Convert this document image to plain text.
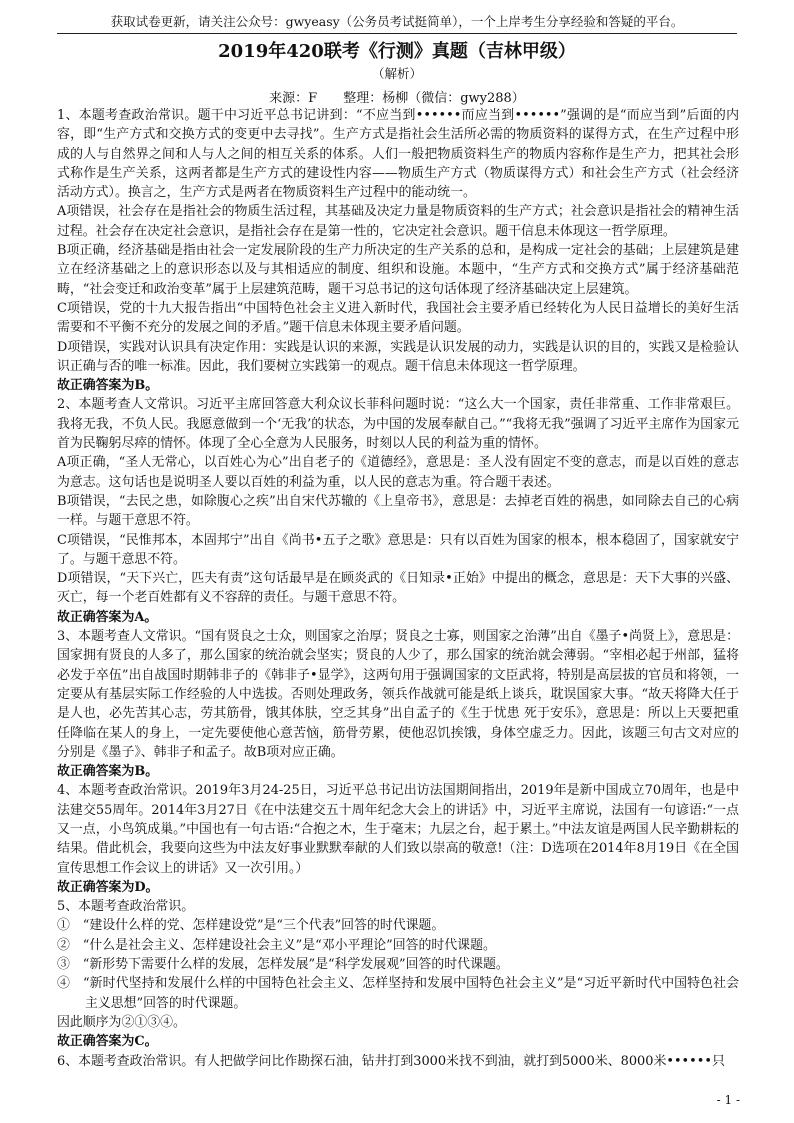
获取试卷更新，请关注公众号：gwyeasy（公务员考试挺简单），一个上岸考生分享经验和答疑的平台。
2019年420联考《行测》真题（吉林甲级）
（解析）
来源：F　　整理：杨柳（微信：gwy288）

1、本题考查政治常识。题干中习近平总书记讲到：“不应当到••••••而应当到••••••”强调的是“而应当到”后面的内容，即“生产方式和交换方式的变更中去寻找”。生产方式是指社会生活所必需的物质资料的谋得方式，在生产过程中形成的人与自然界之间和人与人之间的相互关系的体系。人们一般把物质资料生产的物质内容称作是生产力，把其社会形式称作是生产关系，这两者都是生产方式的建设性内容——物质生产方式（物质谋得方式）和社会生产方式（社会经济活动方式）。换言之，生产方式是两者在物质资料生产过程中的能动统一。

A项错误，社会存在是指社会的物质生活过程，其基础及决定力量是物质资料的生产方式；社会意识是指社会的精神生活过程。社会存在决定社会意识，是指社会存在是第一性的，它决定社会意识。题干信息未体现这一哲学原理。

B项正确，经济基础是指由社会一定发展阶段的生产力所决定的生产关系的总和，是构成一定社会的基础；上层建筑是建立在经济基础之上的意识形态以及与其相适应的制度、组织和设施。本题中，“生产方式和交换方式”属于经济基础范畴，“社会变迁和政治变革”属于上层建筑范畴，题干习总书记的这句话体现了经济基础决定上层建筑。

C项错误，党的十九大报告指出“中国特色社会主义进入新时代，我国社会主要矛盾已经转化为人民日益增长的美好生活需要和不平衡不充分的发展之间的矛盾。”题干信息未体现主要矛盾问题。

D项错误，实践对认识具有决定作用：实践是认识的来源，实践是认识发展的动力，实践是认识的目的，实践又是检验认识正确与否的唯一标准。因此，我们要树立实践第一的观点。题干信息未体现这一哲学原理。

故正确答案为B。

2、本题考查人文常识。习近平主席回答意大利众议长菲科问题时说：“这么大一个国家，责任非常重、工作非常艰巨。我将无我，不负人民。我愿意做到一个‘无我’的状态，为中国的发展奉献自己。”“我将无我”强调了习近平主席作为国家元首为民鞠躬尽瘁的情怀。体现了全心全意为人民服务，时刻以人民的利益为重的情怀。

A项正确，“圣人无常心，以百姓心为心”出自老子的《道德经》，意思是：圣人没有固定不变的意志，而是以百姓的意志为意志。这句话也是说明圣人要以百姓的利益为重，以人民的意志为重。符合题干表述。

B项错误，“去民之患，如除腹心之疾”出自宋代苏辙的《上皇帝书》，意思是：去掉老百姓的祸患，如同除去自己的心病一样。与题干意思不符。

C项错误，“民惟邦本，本固邦宁”出自《尚书•五子之歌》意思是：只有以百姓为国家的根本，根本稳固了，国家就安宁了。与题干意思不符。

D项错误，“天下兴亡，匹夫有责”这句话最早是在顾炎武的《日知录•正始》中提出的概念，意思是：天下大事的兴盛、灭亡，每一个老百姓都有义不容辞的责任。与题干意思不符。

故正确答案为A。

3、本题考查人文常识。“国有贤良之士众，则国家之治厚；贤良之士寡，则国家之治薄”出自《墨子•尚贤上》，意思是：国家拥有贤良的人多了，那么国家的统治就会坚实；贤良的人少了，那么国家的统治就会薄弱。“宰相必起于州部，猛将必发于卒伍”出自战国时期韩非子的《韩非子•显学》，这两句用于强调国家的文臣武将，特别是高层拔的官员和将领，一定要从有基层实际工作经验的人中选拔。否则处理政务，领兵作战就可能是纸上谈兵，耽误国家大事。“故天将降大任于是人也，必先苦其心志，劳其筋骨，饿其体肤，空乏其身”出自孟子的《生于忧患 死于安乐》，意思是：所以上天要把重任降临在某人的身上，一定先要使他心意苦恼，筋骨劳累，使他忍饥挨饿，身体空虚乏力。因此，该题三句古文对应的分别是《墨子》、韩非子和孟子。故B项对应正确。

故正确答案为B。

4、本题考查政治常识。2019年3月24-25日，习近平总书记出访法国期间指出，2019年是新中国成立70周年，也是中法建交55周年。2014年3月27日《在中法建交五十周年纪念大会上的讲话》中，习近平主席说，法国有一句谚语:“一点又一点，小鸟筑成巢。”中国也有一句古语:“合抱之木，生于毫末；九层之台，起于累土。”中法友谊是两国人民辛勤耕耘的结果。借此机会，我要向这些为中法友好事业默默奉献的人们致以崇高的敬意!（注：D选项在2014年8月19日《在全国宣传思想工作会议上的讲话》又一次引用。）

故正确答案为D。

5、本题考查政治常识。

①　“建设什么样的党、怎样建设党”是“三个代表”回答的时代课题。

②　“什么是社会主义、怎样建设社会主义”是“邓小平理论”回答的时代课题。

③　“新形势下需要什么样的发展，怎样发展”是“科学发展观”回答的时代课题。

④　“新时代坚持和发展什么样的中国特色社会主义、怎样坚持和发展中国特色社会主义”是“习近平新时代中国特色社会主义思想”回答的时代课题。

因此顺序为②①③④。

故正确答案为C。

6、本题考查政治常识。有人把做学问比作勘探石油，钻井打到3000米找不到油，就打到5000米、8000米••••••只

- 1 -
